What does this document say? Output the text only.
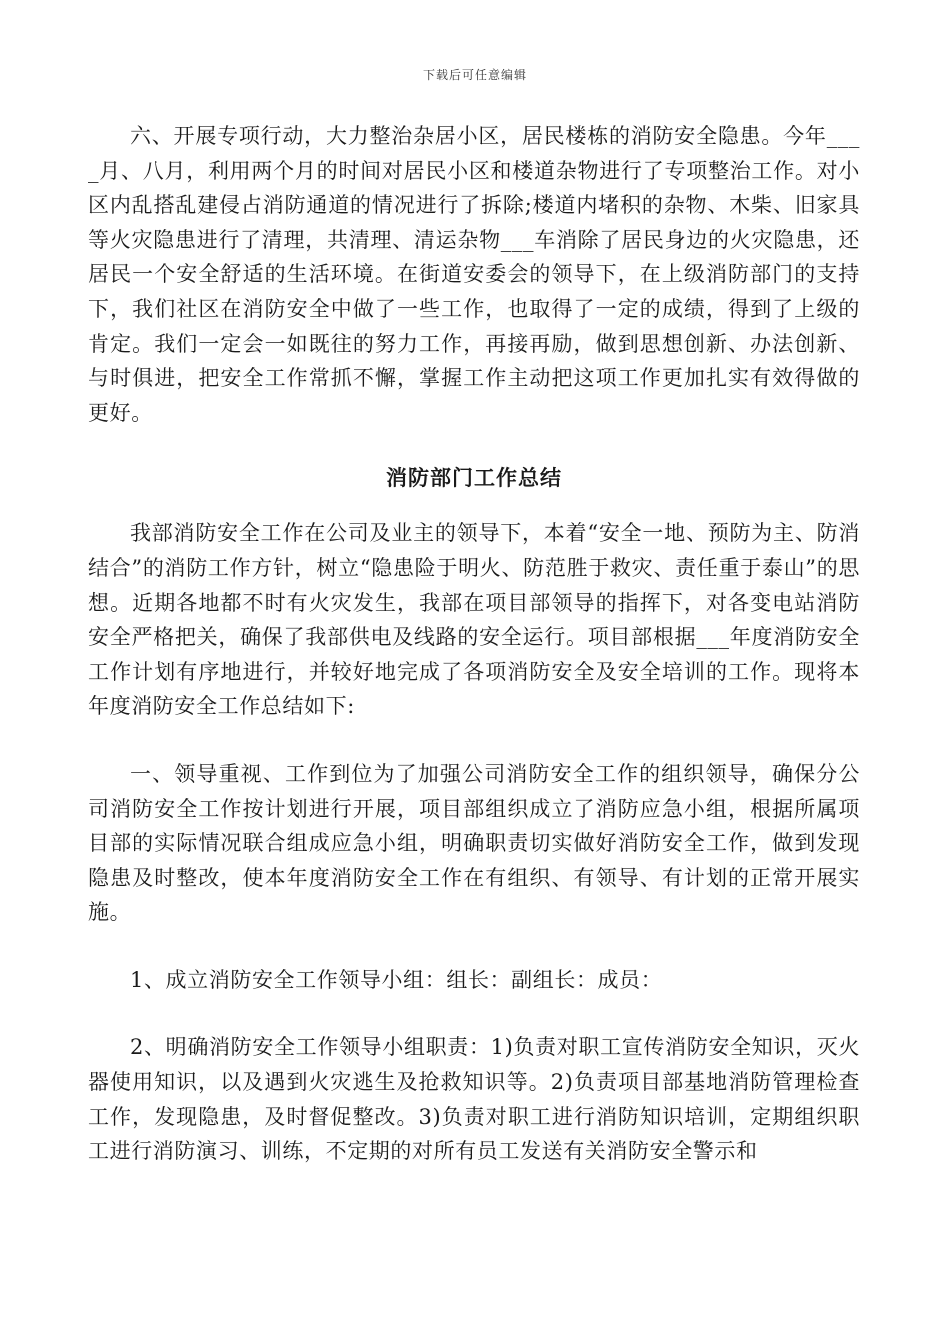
下载后可任意编辑

六、开展专项行动，大力整治杂居小区，居民楼栋的消防安全隐患。今年____月、八月，利用两个月的时间对居民小区和楼道杂物进行了专项整治工作。对小区内乱搭乱建侵占消防通道的情况进行了拆除;楼道内堵积的杂物、木柴、旧家具等火灾隐患进行了清理，共清理、清运杂物___车消除了居民身边的火灾隐患，还居民一个安全舒适的生活环境。在街道安委会的领导下，在上级消防部门的支持下，我们社区在消防安全中做了一些工作，也取得了一定的成绩，得到了上级的肯定。我们一定会一如既往的努力工作，再接再励，做到思想创新、办法创新、与时俱进，把安全工作常抓不懈，掌握工作主动把这项工作更加扎实有效得做的更好。

消防部门工作总结

我部消防安全工作在公司及业主的领导下，本着“安全一地、预防为主、防消结合”的消防工作方针，树立“隐患险于明火、防范胜于救灾、责任重于泰山”的思想。近期各地都不时有火灾发生，我部在项目部领导的指挥下，对各变电站消防安全严格把关，确保了我部供电及线路的安全运行。项目部根据___年度消防安全工作计划有序地进行，并较好地完成了各项消防安全及安全培训的工作。现将本年度消防安全工作总结如下:

一、领导重视、工作到位为了加强公司消防安全工作的组织领导，确保分公司消防安全工作按计划进行开展，项目部组织成立了消防应急小组，根据所属项目部的实际情况联合组成应急小组，明确职责切实做好消防安全工作，做到发现隐患及时整改，使本年度消防安全工作在有组织、有领导、有计划的正常开展实施。

1、成立消防安全工作领导小组：组长：副组长：成员：

2、明确消防安全工作领导小组职责：1)负责对职工宣传消防安全知识，灭火器使用知识，以及遇到火灾逃生及抢救知识等。2)负责项目部基地消防管理检查工作，发现隐患，及时督促整改。3)负责对职工进行消防知识培训，定期组织职工进行消防演习、训练，不定期的对所有员工发送有关消防安全警示和
